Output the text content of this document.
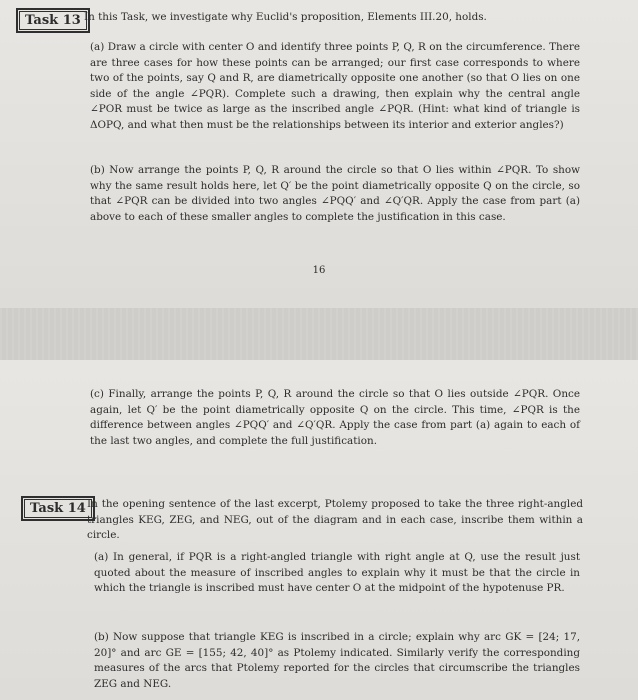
Task 13 In this Task, we investigate why Euclid's proposition, Elements III.20, holds.

(a) Draw a circle with center O and identify three points P, Q, R on the circumference. There are three cases for how these points can be arranged; our first case corresponds to where two of the points, say Q and R, are diametrically opposite one another (so that O lies on one side of the angle ∠PQR). Complete such a drawing, then explain why the central angle ∠POR must be twice as large as the inscribed angle ∠PQR. (Hint: what kind of triangle is ΔOPQ, and what then must be the relationships between its interior and exterior angles?)

(b) Now arrange the points P, Q, R around the circle so that O lies within ∠PQR. To show why the same result holds here, let Q′ be the point diametrically opposite Q on the circle, so that ∠PQR can be divided into two angles ∠PQQ′ and ∠Q′QR. Apply the case from part (a) above to each of these smaller angles to complete the justification in this case.

16

(c) Finally, arrange the points P, Q, R around the circle so that O lies outside ∠PQR. Once again, let Q′ be the point diametrically opposite Q on the circle. This time, ∠PQR is the difference between angles ∠PQQ′ and ∠Q′QR. Apply the case from part (a) again to each of the last two angles, and complete the full justification.

Task 14 In the opening sentence of the last excerpt, Ptolemy proposed to take the three right-angled triangles KEG, ZEG, and NEG, out of the diagram and in each case, inscribe them within a circle.

(a) In general, if PQR is a right-angled triangle with right angle at Q, use the result just quoted about the measure of inscribed angles to explain why it must be that the circle in which the triangle is inscribed must have center O at the midpoint of the hypotenuse PR.

(b) Now suppose that triangle KEG is inscribed in a circle; explain why arc GK = [24; 17, 20]° and arc GE = [155; 42, 40]° as Ptolemy indicated. Similarly verify the corresponding measures of the arcs that Ptolemy reported for the circles that circumscribe the triangles ZEG and NEG.
